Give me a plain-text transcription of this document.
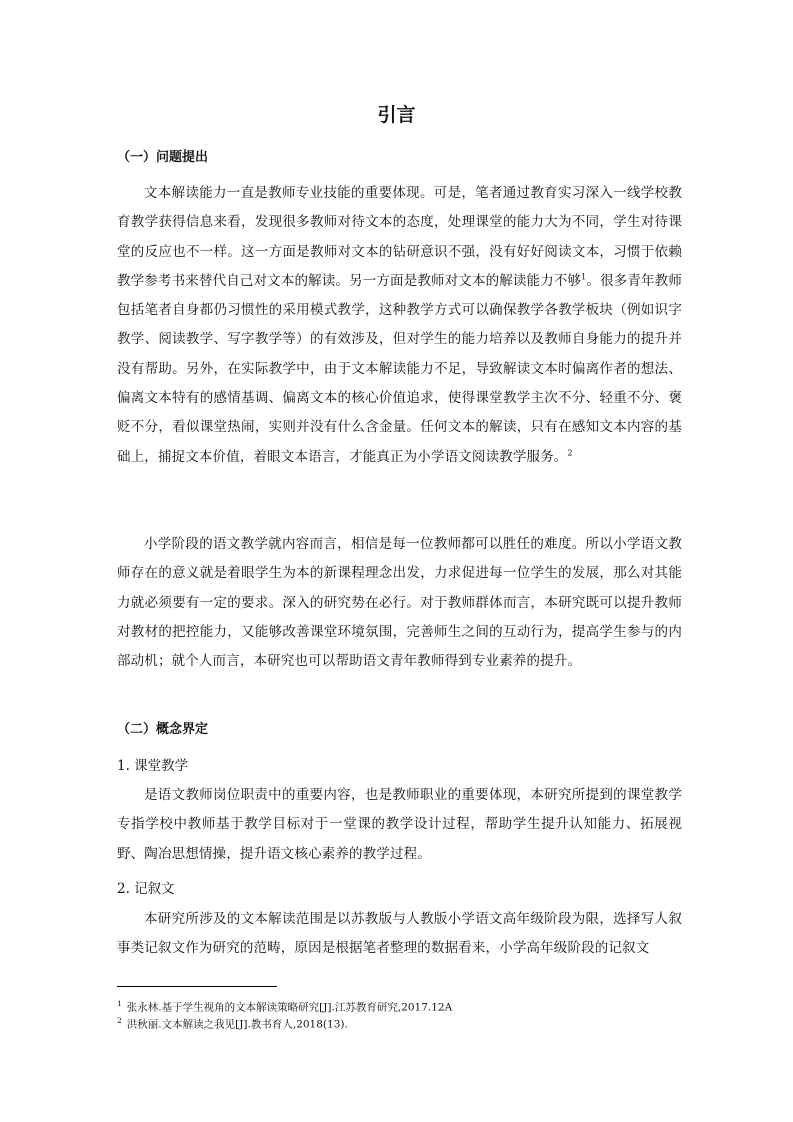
引言
（一）问题提出

文本解读能力一直是教师专业技能的重要体现。可是，笔者通过教育实习深入一线学校教育教学获得信息来看，发现很多教师对待文本的态度，处理课堂的能力大为不同，学生对待课堂的反应也不一样。这一方面是教师对文本的钻研意识不强，没有好好阅读文本，习惯于依赖教学参考书来替代自己对文本的解读。另一方面是教师对文本的解读能力不够$^1$。很多青年教师包括笔者自身都仍习惯性的采用模式教学，这种教学方式可以确保教学各教学板块（例如识字教学、阅读教学、写字教学等）的有效涉及，但对学生的能力培养以及教师自身能力的提升并没有帮助。另外，在实际教学中，由于文本解读能力不足，导致解读文本时偏离作者的想法、偏离文本特有的感情基调、偏离文本的核心价值追求，使得课堂教学主次不分、轻重不分、褒贬不分，看似课堂热闹，实则并没有什么含金量。任何文本的解读，只有在感知文本内容的基础上，捕捉文本价值，着眼文本语言，才能真正为小学语文阅读教学服务。$^2$

小学阶段的语文教学就内容而言，相信是每一位教师都可以胜任的难度。所以小学语文教师存在的意义就是着眼学生为本的新课程理念出发，力求促进每一位学生的发展，那么对其能力就必须要有一定的要求。深入的研究势在必行。对于教师群体而言，本研究既可以提升教师对教材的把控能力，又能够改善课堂环境氛围，完善师生之间的互动行为，提高学生参与的内部动机；就个人而言，本研究也可以帮助语文青年教师得到专业素养的提升。

（二）概念界定

1. 课堂教学

是语文教师岗位职责中的重要内容，也是教师职业的重要体现，本研究所提到的课堂教学专指学校中教师基于教学目标对于一堂课的教学设计过程，帮助学生提升认知能力、拓展视野、陶冶思想情操，提升语文核心素养的教学过程。

2. 记叙文

本研究所涉及的文本解读范围是以苏教版与人教版小学语文高年级阶段为限，选择写人叙事类记叙文作为研究的范畴，原因是根据笔者整理的数据看来，小学高年级阶段的记叙文

$^1$ 张永林.基于学生视角的文本解读策略研究[J].江苏教育研究,2017.12A

$^2$ 洪秋丽.文本解读之我见[J].教书育人,2018(13).
